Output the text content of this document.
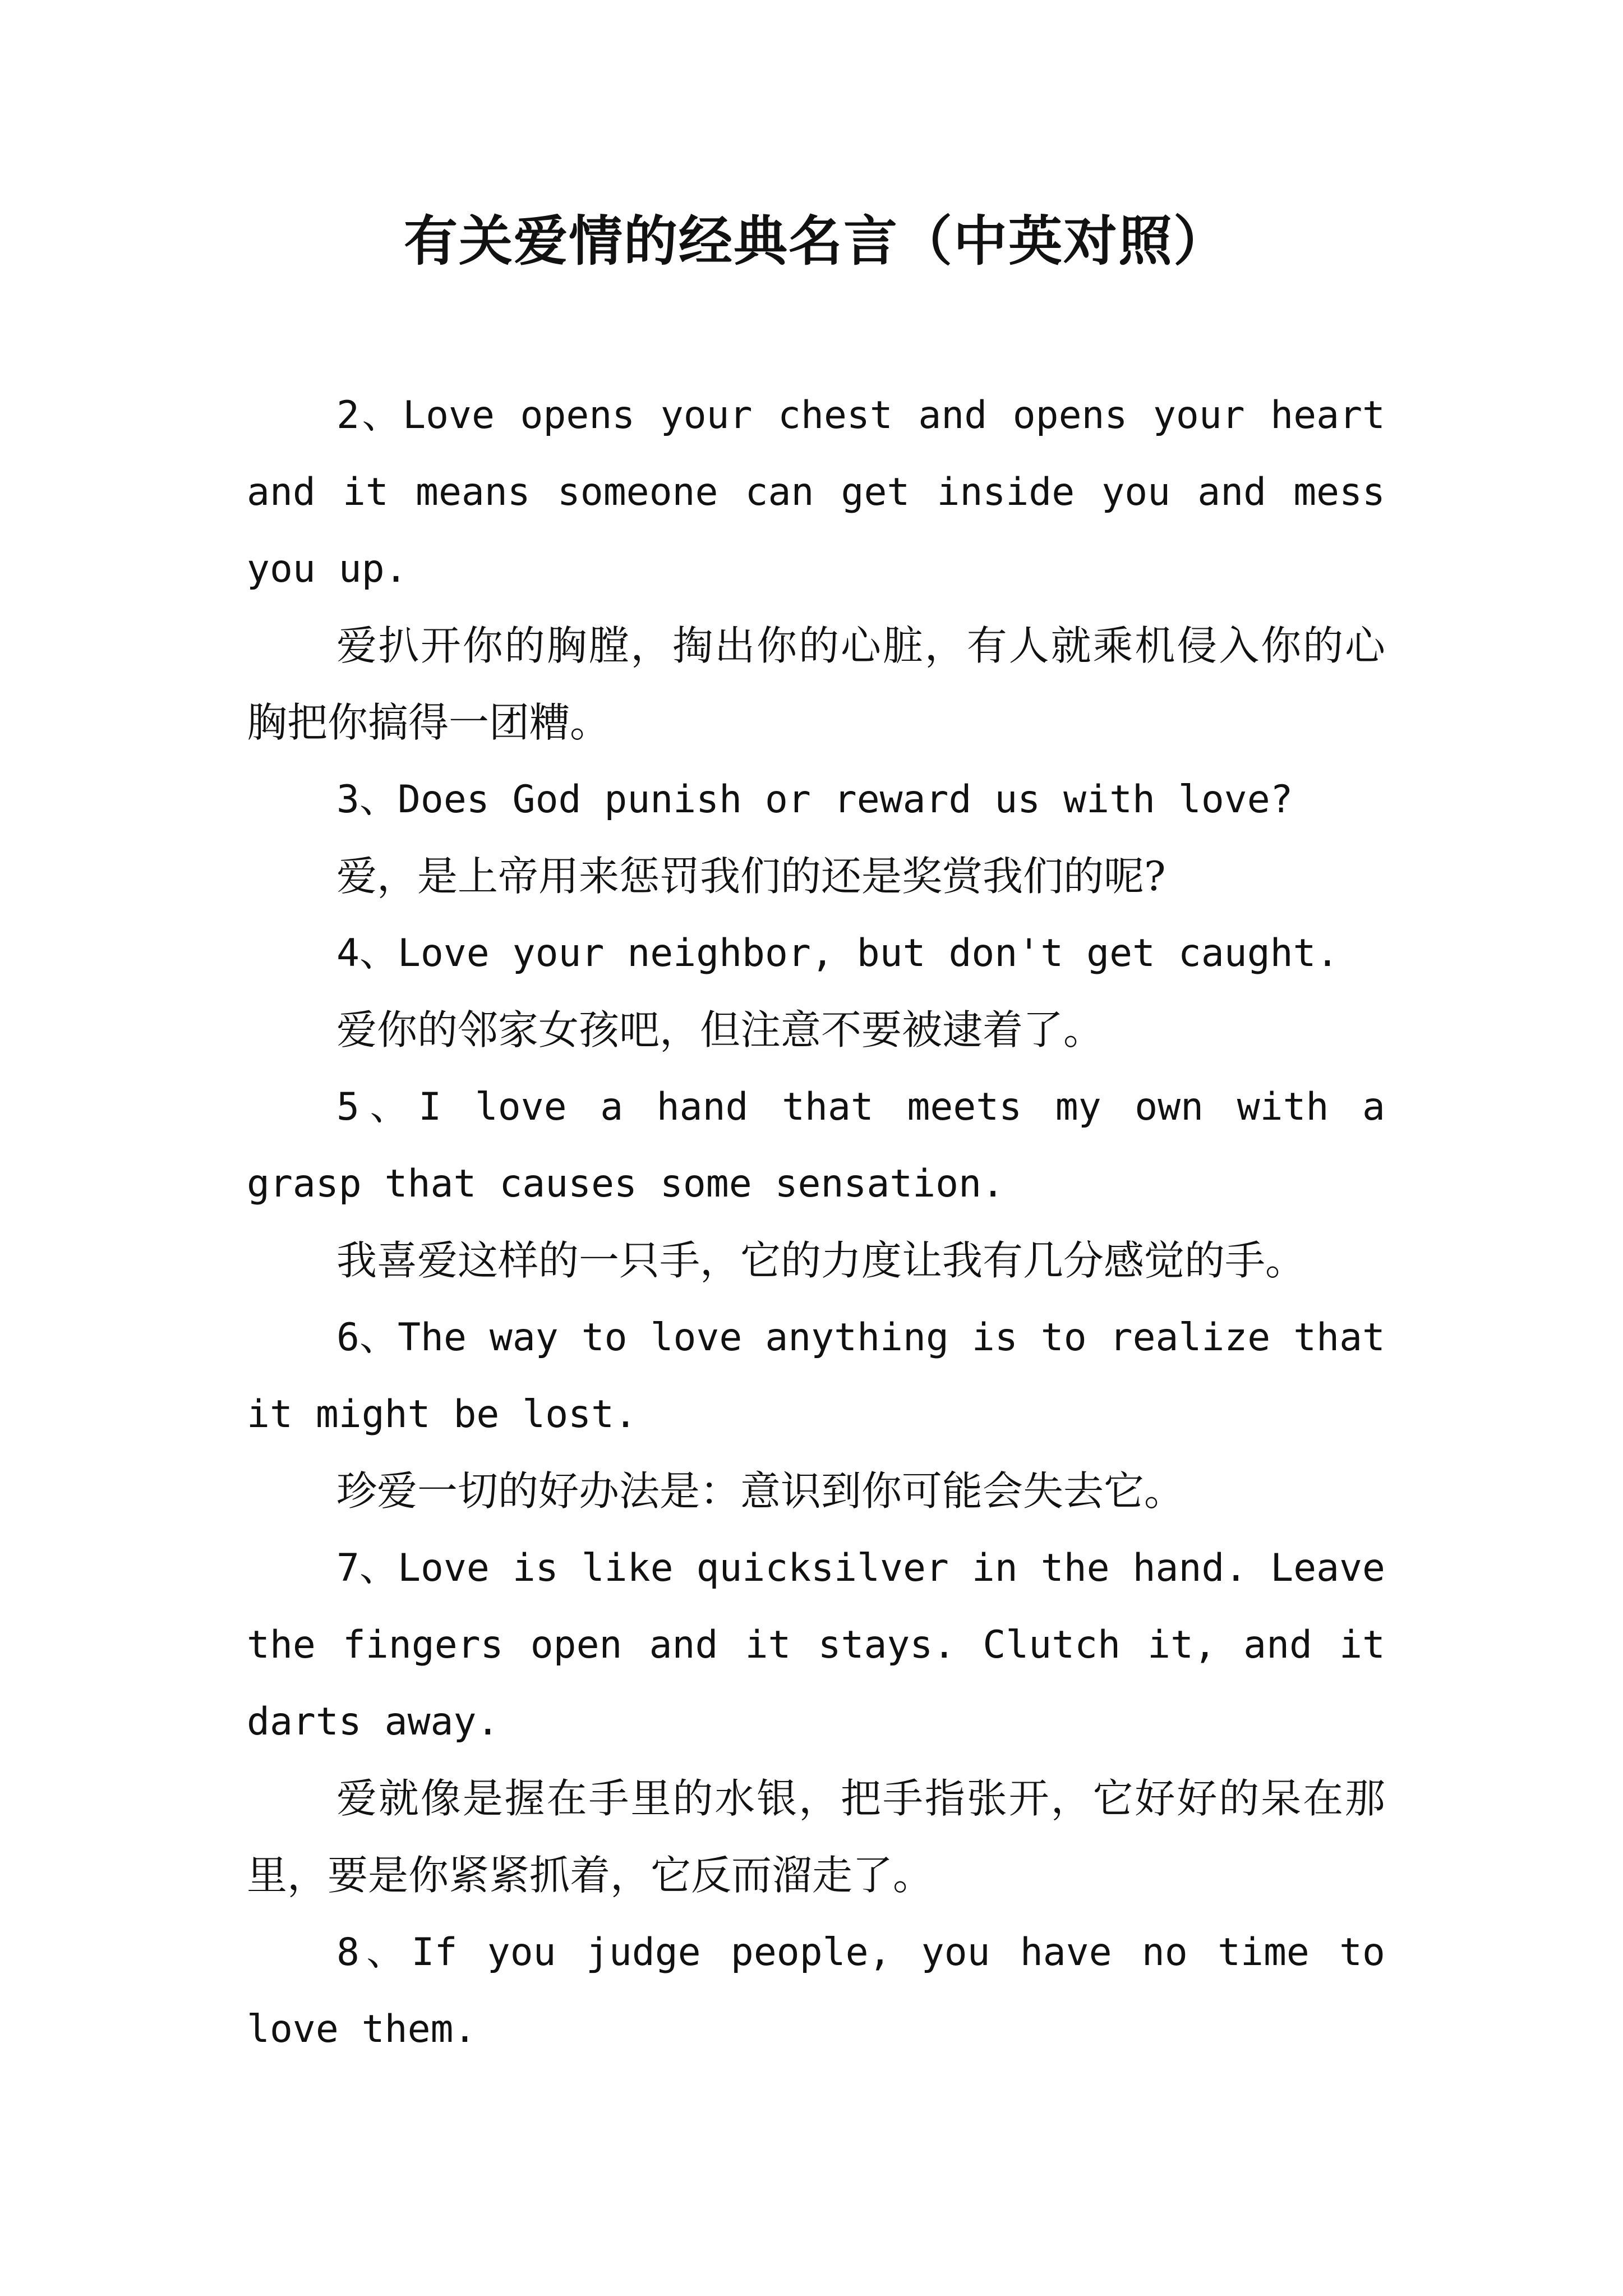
有关爱情的经典名言（中英对照）

2、Love opens your chest and opens your heart and it means someone can get inside you and mess you up.

爱扒开你的胸膛，掏出你的心脏，有人就乘机侵入你的心胸把你搞得一团糟。

3、Does God punish or reward us with love?

爱，是上帝用来惩罚我们的还是奖赏我们的呢?

4、Love your neighbor, but don't get caught.

爱你的邻家女孩吧，但注意不要被逮着了。

5、I love a hand that meets my own with a grasp that causes some sensation.

我喜爱这样的一只手，它的力度让我有几分感觉的手。

6、The way to love anything is to realize that it might be lost.

珍爱一切的好办法是：意识到你可能会失去它。

7、Love is like quicksilver in the hand. Leave the fingers open and it stays. Clutch it, and it darts away.

爱就像是握在手里的水银，把手指张开，它好好的呆在那里，要是你紧紧抓着，它反而溜走了。

8、If you judge people, you have no time to love them.
